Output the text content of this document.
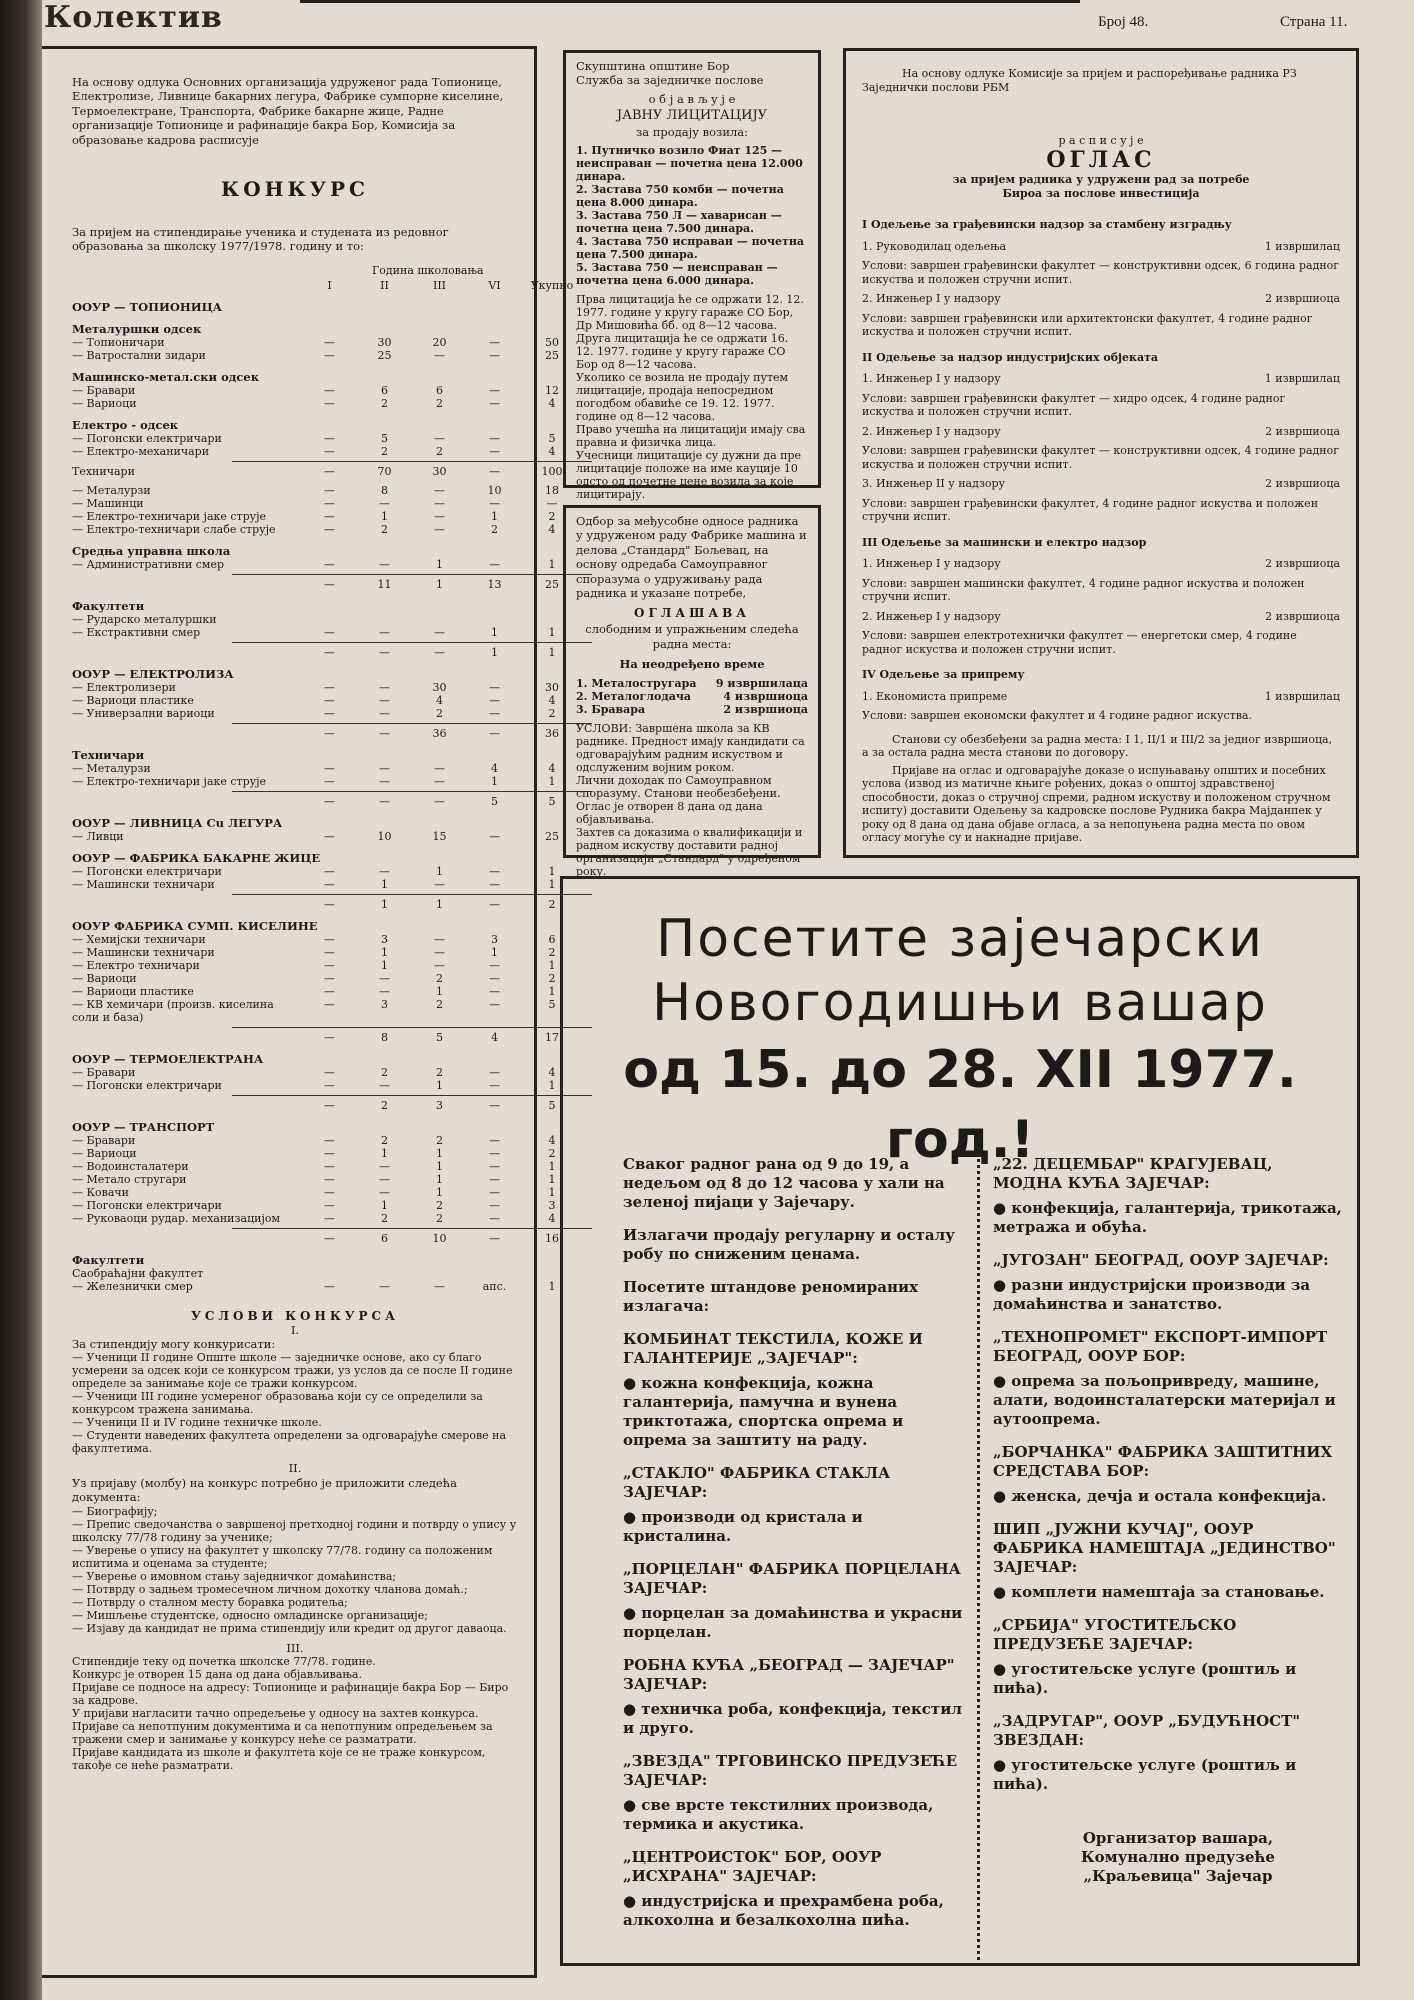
Колектив	Број 48.	Страна 11.

На основу одлука Основних организација удруженог рада Топионице, Електролизе, Ливнице бакарних легура, Фабрике сумпорне киселине, Термоелектране, Транспорта, Фабрике бакарне жице, Радне организације Топионице и рафинације бакра Бор, Комисија за образовање кадрова расписује

КОНКУРС

За пријем на стипендирање ученика и студената из редовног образовања за школску 1977/1978. годину и то:

Година школовања
I	II	III	VI	Укупно
ООУР — ТОПИОНИЦА
Металуршки одсек
— Топионичари	—	30	20	—	50
— Ватростални зидари	—	25	—	—	25
Машинско-метал.ски одсек
— Бравари	—	6	6	—	12
— Вариоци	—	2	2	—	4
Електро - одсек
— Погонски електричари	—	5	—	—	5
— Електро-механичари	—	2	2	—	4
Техничари	—	70	30	—	100
— Металурзи	—	8	—	10	18
— Машинци	—	—	—	—	—
— Електро-техничари јаке струје	—	1	—	1	2
— Електро-техничари слабе струје	—	2	—	2	4
Средња управна школа
— Административни смер	—	—	1	—	1
—	11	1	13	25
Факултети
— Рударско металуршки
— Екстрактивни смер	—	—	—	1	1
—	—	—	1	1
ООУР — ЕЛЕКТРОЛИЗА
— Електролизери	—	—	30	—	30
— Вариоци пластике	—	—	4	—	4
— Универзални вариоци	—	—	2	—	2
—	—	36	—	36
Техничари
— Металурзи	—	—	—	4	4
— Електро-техничари јаке струје	—	—	—	1	1
—	—	—	5	5
ООУР — ЛИВНИЦА Cu ЛЕГУРА
— Ливци	—	10	15	—	25
ООУР — ФАБРИКА БАКАРНЕ ЖИЦЕ
— Погонски електричари	—	—	1	—	1
— Машински техничари	—	1	—	—	1
—	1	1	—	2
ООУР ФАБРИКА СУМП. КИСЕЛИНЕ
— Хемијски техничари	—	3	—	3	6
— Машински техничари	—	1	—	1	2
— Електро техничари	—	1	—	—	1
— Вариоци	—	—	2	—	2
— Вариоци пластике	—	—	1	—	1
— КВ хемичари (произв. киселина соли и база)
—	3	2	—	5
—	8	5	4	17
ООУР — ТЕРМОЕЛЕКТРАНА
— Бравари	—	2	2	—	4
— Погонски електричари	—	—	1	—	1
—	2	3	—	5
ООУР — ТРАНСПОРТ
— Бравари	—	2	2	—	4
— Вариоци	—	1	1	—	2
— Водоинсталатери	—	—	1	—	1
— Метало стругари	—	—	1	—	1
— Ковачи	—	—	1	—	1
— Погонски електричари	—	1	2	—	3
— Руковаоци рудар. механизацијом	—	2	2	—	4
—	6	10	—	16
Факултети
Саобраћајни факултет
— Железнички смер	—	—	—	aпс.	1
УСЛОВИ КОНКУРСА
I.

За стипендију могу конкурисати:

— Ученици II године Опште школе — заједничке основе, ако су благо усмерени за одсек који се конкурсом тражи, уз услов да се после II године определе за занимање које се тражи конкурсом.
— Ученици III године усмереног образовања који су се определили за конкурсом тражена занимања.
— Ученици II и IV године техничке школе.
— Студенти наведених факултета определени за одговарајуће смерове на факултетима.
II.

Уз пријаву (молбу) на конкурс потребно је приложити следећа документа:

— Биографију;
— Препис сведочанства о завршеној претходној години и потврду о упису у школску 77/78 годину за ученике;
— Уверење о упису на факултет у школску 77/78. годину са положеним испитима и оценама за студенте;
— Уверење о имовном стању заједничког домаћинства;
— Потврду о задњем тромесечном личном дохотку чланова домаћ.;
— Потврду о сталном месту боравка родитеља;
— Мишљење студентске, односно омладинске организације;
— Изјаву да кандидат не прима стипендију или кредит од другог даваоца.
III.
Стипендије теку од почетка школске 77/78. године.
Конкурс је отворен 15 дана од дана објављивања.
Пријаве се подносе на адресу: Топионице и рафинације бакра Бор — Биро за кадрове.
У пријави нагласити тачно опредељење у односу на захтев конкурса.
Пријаве са непотпуним документима и са непотпуним опредељењем за тражени смер и занимање у конкурсу неће се разматрати.
Пријаве кандидата из школе и факултета које се не траже конкурсом, такође се неће разматрати.

Скупштина општине Бор

Служба за заједничке послове

о б ј а в љ у ј е

ЈАВНУ ЛИЦИТАЦИЈУ

за продају возила:

1. Путничко возило Фиат 125 — неисправан — почетна цена 12.000 динара.
2. Застава 750 комби — почетна цена 8.000 динара.
3. Застава 750 Л — хаварисан — почетна цена 7.500 динара.
4. Застава 750 исправан — почетна цена 7.500 динара.
5. Застава 750 — неисправан — почетна цена 6.000 динара.
Прва лицитација ће се одржати 12. 12. 1977. године у кругу гараже СО Бор, Др Мишовића бб. од 8—12 часова.
Друга лицитација ће се одржати 16. 12. 1977. године у кругу гараже СО Бор од 8—12 часова.
Уколико се возила не продају путем лицитације, продаја непосредном погодбом обавиће се 19. 12. 1977. године од 8—12 часова.
Право учешћа на лицитацији имају сва правна и физичка лица.
Учесници лицитације су дужни да пре лицитације положе на име кауције 10 одсто од почетне цене возила за које лицитирају.

Одбор за међусобне односе радника у удруженом раду Фабрике машина и делова „Стандард" Бољевац, на основу одредаба Самоуправног споразума о удруживању рада радника и указане потребе,

ОГЛАШАВА

слободним и упражњеним следећа радна места:

На неодређено време

1. Металостругара 9 извршилаца
2. Металоглодача	4 извршиоца
3. Бравара	2 извршиоца
УСЛОВИ: Завршена школа за КВ раднике. Предност имају кандидати са одговарајућим радним искуством и одслуженим војним роком.
Лични доходак по Самоуправном споразуму. Станови необезбеђени.
Оглас је отворен 8 дана од дана објављивања.
Захтев са доказима о квалификацији и радном искуству доставити радној организацији „Стандард" у одређеном року.

На основу одлуке Комисије за пријем и распоређивање радника РЗ Заједнички послови РБМ

р а с п и с у ј е

ОГЛАС

за пријем радника у удружени рад за потребе Бироа за послове инвестиција

I Одељење за грађевински надзор за стамбену изградњу

1. Руководилац одељења	1 извршилац

Услови: завршен грађевински факултет — конструктивни одсек, 6 година радног искуства и положен стручни испит.

2. Инжењер I у надзору	2 извршиоца

Услови: завршен грађевински или архитектонски факултет, 4 године радног искуства и положен стручни испит.

II Одељење за надзор индустријских објеката

1. Инжењер I у надзору	1 извршилац

Услови: завршен грађевински факултет — хидро одсек, 4 године радног искуства и положен стручни испит.

2. Инжењер I у надзору	2 извршиоца

Услови: завршен грађевински факултет — конструктивни одсек, 4 године радног искуства и положен стручни испит.

3. Инжењер II у надзору	2 извршиоца

Услови: завршен грађевински факултет, 4 године радног искуства и положен стручни испит.

III Одељење за машински и електро надзор

1. Инжењер I у надзору	2 извршиоца

Услови: завршен машински факултет, 4 године радног искуства и положен стручни испит.

2. Инжењер I у надзору	2 извршиоца

Услови: завршен електротехнички факултет — енергетски смер, 4 године радног искуства и положен стручни испит.

IV Одељење за припрему

1. Економиста припреме	1 извршилац

Услови: завршен економски факултет и 4 године радног искуства.

Станови су обезбеђени за радна места: I 1, II/1 и III/2 за једног извршиоца, а за остала радна места станови по договору.

Пријаве на оглас и одговарајуће доказе о испуњавању општих и посебних услова (извод из матичне књиге рођених, доказ о општој здравственој способности, доказ о стручној спреми, радном искуству и положеном стручном испиту) доставити Одељењу за кадровске послове Рудника бакра Мајданпек у року од 8 дана од дана објаве огласа, а за непопуњена радна места по овом огласу могуће су и накнадне пријаве.

Посетите зајечарски
Новогодишњи вашар
од 15. до 28. XII 1977. год.!

Сваког радног рана од 9 до 19, а недељом од 8 до 12 часова у хали на зеленој пијаци у Зајечару.

Излагачи продају регуларну и осталу робу по сниженим ценама.

Посетите штандове реномираних излагача:

КОМБИНАТ ТЕКСТИЛА, КОЖЕ И ГАЛАНТЕРИЈЕ „ЗАЈЕЧАР":

● кожна конфекција, кожна галантерија, памучна и вунена триктотажа, спортска опрема и опрема за заштиту на раду.

„СТАКЛО" ФАБРИКА СТАКЛА ЗАЈЕЧАР:

● производи од кристала и кристалина.

„ПОРЦЕЛАН" ФАБРИКА ПОРЦЕЛАНА ЗАЈЕЧАР:

● порцелан за домаћинства и украсни порцелан.

РОБНА КУЋА „БЕОГРАД — ЗАЈЕЧАР" ЗАЈЕЧАР:

● техничка роба, конфекција, текстил и друго.

„ЗВЕЗДА" ТРГОВИНСКО ПРЕДУЗЕЋЕ ЗАЈЕЧАР:

● све врсте текстилних производа, термика и акустика.

„ЦЕНТРОИСТОК" БОР, ООУР „ИСХРАНА" ЗАЈЕЧАР:

● индустријска и прехрамбена роба, алкохолна и безалкохолна пића.

„22. ДЕЦЕМБАР" КРАГУЈЕВАЦ, МОДНА КУЋА ЗАЈЕЧАР:

● конфекција, галантерија, трикотажа, метража и обућа.

„ЈУГОЗАН" БЕОГРАД, ООУР ЗАЈЕЧАР:

● разни индустријски производи за домаћинства и занатство.

„ТЕХНОПРОМЕТ" ЕКСПОРТ-ИМПОРТ БЕОГРАД, ООУР БОР:

● опрема за пољопривреду, машине, алати, водоинсталатерски материјал и аутоопрема.

„БОРЧАНКА" ФАБРИКА ЗАШТИТНИХ СРЕДСТАВА БОР:

● женска, дечја и остала конфекција.

ШИП „ЈУЖНИ КУЧАЈ", ООУР ФАБРИКА НАМЕШТАЈА „ЈЕДИНСТВО" ЗАЈЕЧАР:

● комплети намештаја за становање.

„СРБИЈА" УГОСТИТЕЉСКО ПРЕДУЗЕЋЕ ЗАЈЕЧАР:

● угоститељске услуге (роштиљ и пића).

„ЗАДРУГАР", ООУР „БУДУЋНОСТ" ЗВЕЗДАН:

● угоститељске услуге (роштиљ и пића).

Организатор вашара, Комунално предузеће „Краљевица" Зајечар
